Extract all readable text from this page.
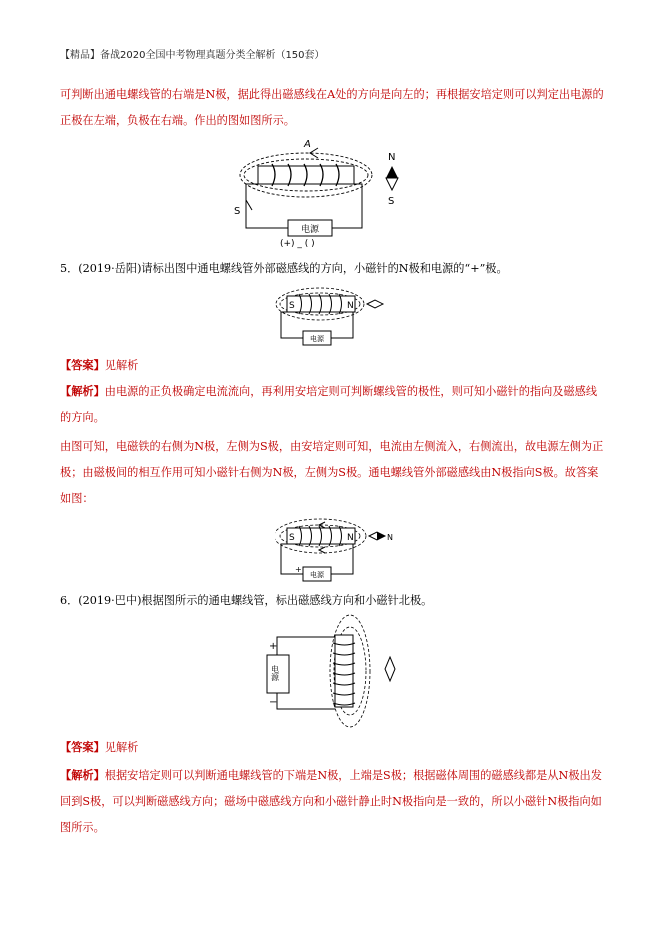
【精品】备战2020全国中考物理真题分类全解析（150套）

可判断出通电螺线管的右端是N极，据此得出磁感线在A处的方向是向左的；再根据安培定则可以判定出电源的正极在左端，负极在右端。作出的图如图所示。

电源
S
(+) _ ( )
A
N
S

5．(2019·岳阳)请标出图中通电螺线管外部磁感线的方向，小磁针的N极和电源的“+”极。

S	N
电源

【答案】见解析

【解析】由电源的正负极确定电流流向，再利用安培定则可判断螺线管的极性，则可知小磁针的指向及磁感线的方向。

由图可知，电磁铁的右侧为N极，左侧为S极，由安培定则可知，电流由左侧流入，右侧流出，故电源左侧为正极；由磁极间的相互作用可知小磁针右侧为N极，左侧为S极。通电螺线管外部磁感线由N极指向S极。故答案如图：

S	N	N
电源
+

6．(2019·巴中)根据图所示的通电螺线管，标出磁感线方向和小磁针北极。

电源
+
−

【答案】见解析

【解析】根据安培定则可以判断通电螺线管的下端是N极，上端是S极；根据磁体周围的磁感线都是从N极出发回到S极，可以判断磁感线方向；磁场中磁感线方向和小磁针静止时N极指向是一致的，所以小磁针N极指向如图所示。
